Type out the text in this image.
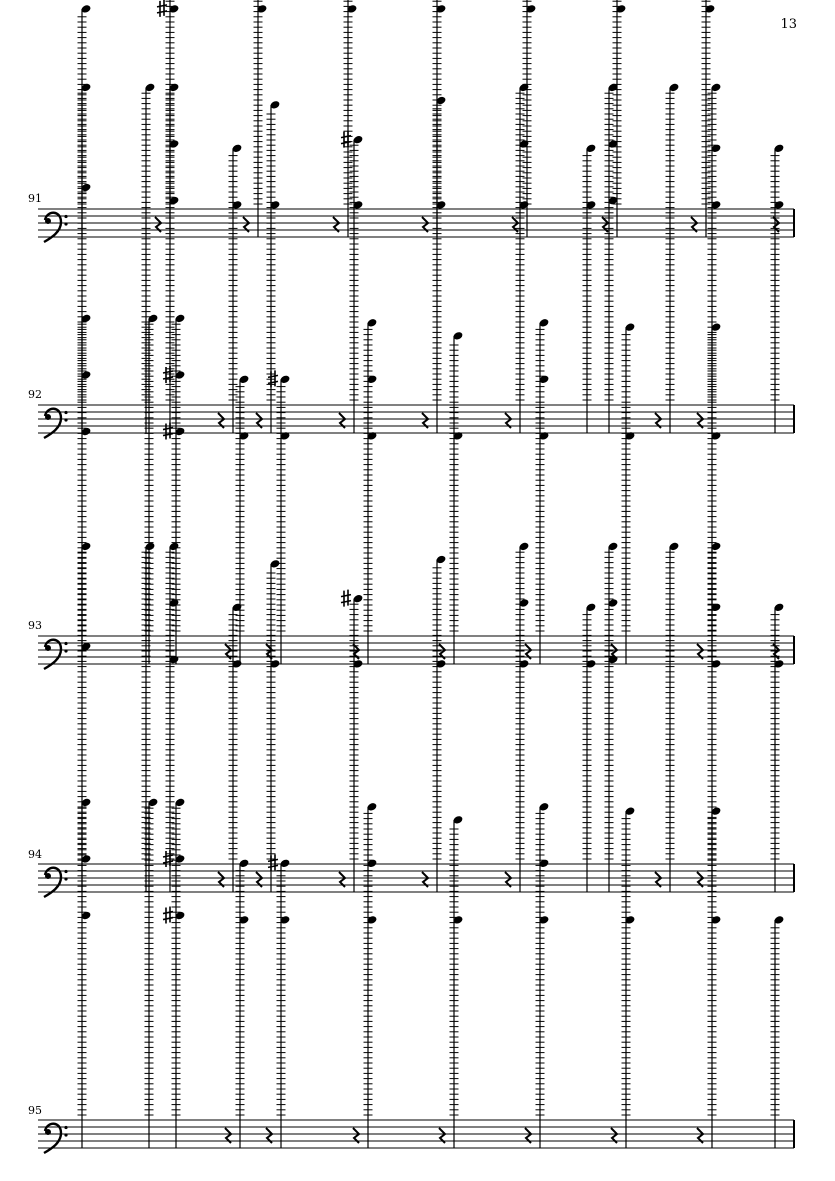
13
91
92
93
94
95
